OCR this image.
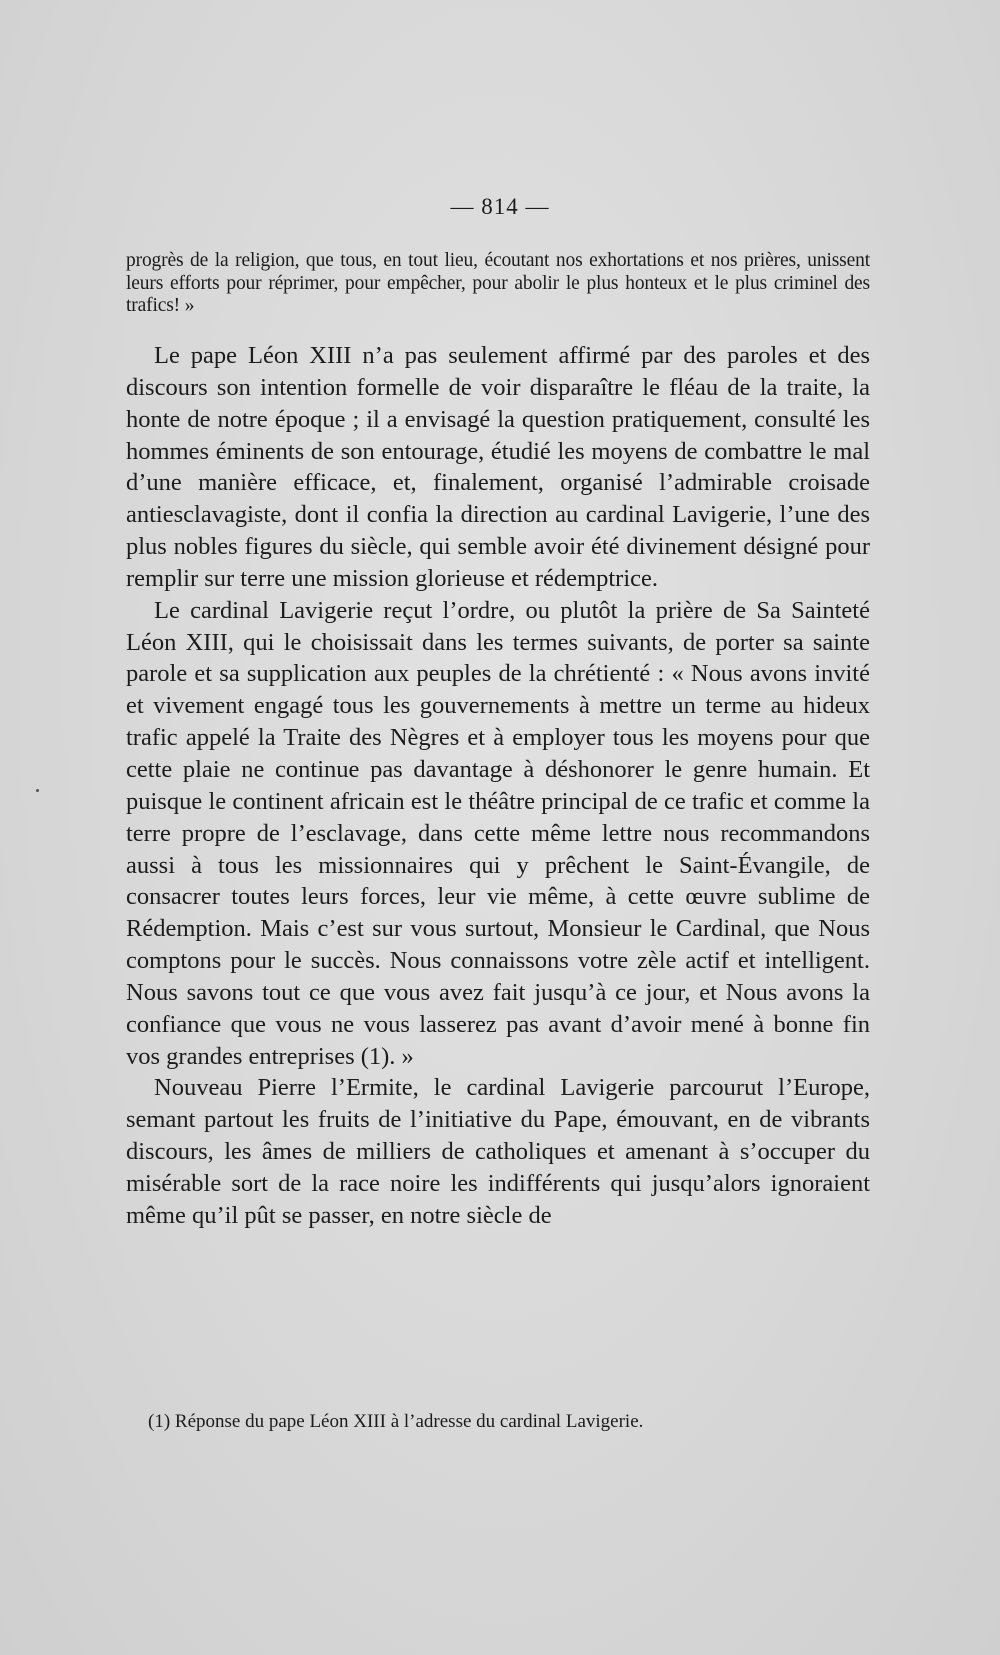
— 814 —

progrès de la religion, que tous, en tout lieu, écoutant nos exhortations et nos prières, unissent leurs efforts pour réprimer, pour empêcher, pour abolir le plus honteux et le plus criminel des trafics! »

Le pape Léon XIII n’a pas seulement affirmé par des paroles et des discours son intention formelle de voir disparaître le fléau de la traite, la honte de notre époque ; il a envisagé la question pratiquement, consulté les hommes éminents de son entourage, étudié les moyens de combattre le mal d’une manière efficace, et, finalement, organisé l’admirable croisade antiesclavagiste, dont il confia la direction au cardinal Lavigerie, l’une des plus nobles figures du siècle, qui semble avoir été divinement désigné pour remplir sur terre une mission glorieuse et rédemptrice.

Le cardinal Lavigerie reçut l’ordre, ou plutôt la prière de Sa Sainteté Léon XIII, qui le choisissait dans les termes suivants, de porter sa sainte parole et sa supplication aux peuples de la chrétienté : « Nous avons invité et vivement engagé tous les gouvernements à mettre un terme au hideux trafic appelé la Traite des Nègres et à employer tous les moyens pour que cette plaie ne continue pas davantage à déshonorer le genre humain. Et puisque le continent africain est le théâtre principal de ce trafic et comme la terre propre de l’esclavage, dans cette même lettre nous recommandons aussi à tous les missionnaires qui y prêchent le Saint-Évangile, de consacrer toutes leurs forces, leur vie même, à cette œuvre sublime de Rédemption. Mais c’est sur vous surtout, Monsieur le Cardinal, que Nous comptons pour le succès. Nous connaissons votre zèle actif et intelligent. Nous savons tout ce que vous avez fait jusqu’à ce jour, et Nous avons la confiance que vous ne vous lasserez pas avant d’avoir mené à bonne fin vos grandes entreprises (1). »

Nouveau Pierre l’Ermite, le cardinal Lavigerie parcourut l’Europe, semant partout les fruits de l’initiative du Pape, émouvant, en de vibrants discours, les âmes de milliers de catholiques et amenant à s’occuper du misérable sort de la race noire les indifférents qui jusqu’alors ignoraient même qu’il pût se passer, en notre siècle de

(1) Réponse du pape Léon XIII à l’adresse du cardinal Lavigerie.
